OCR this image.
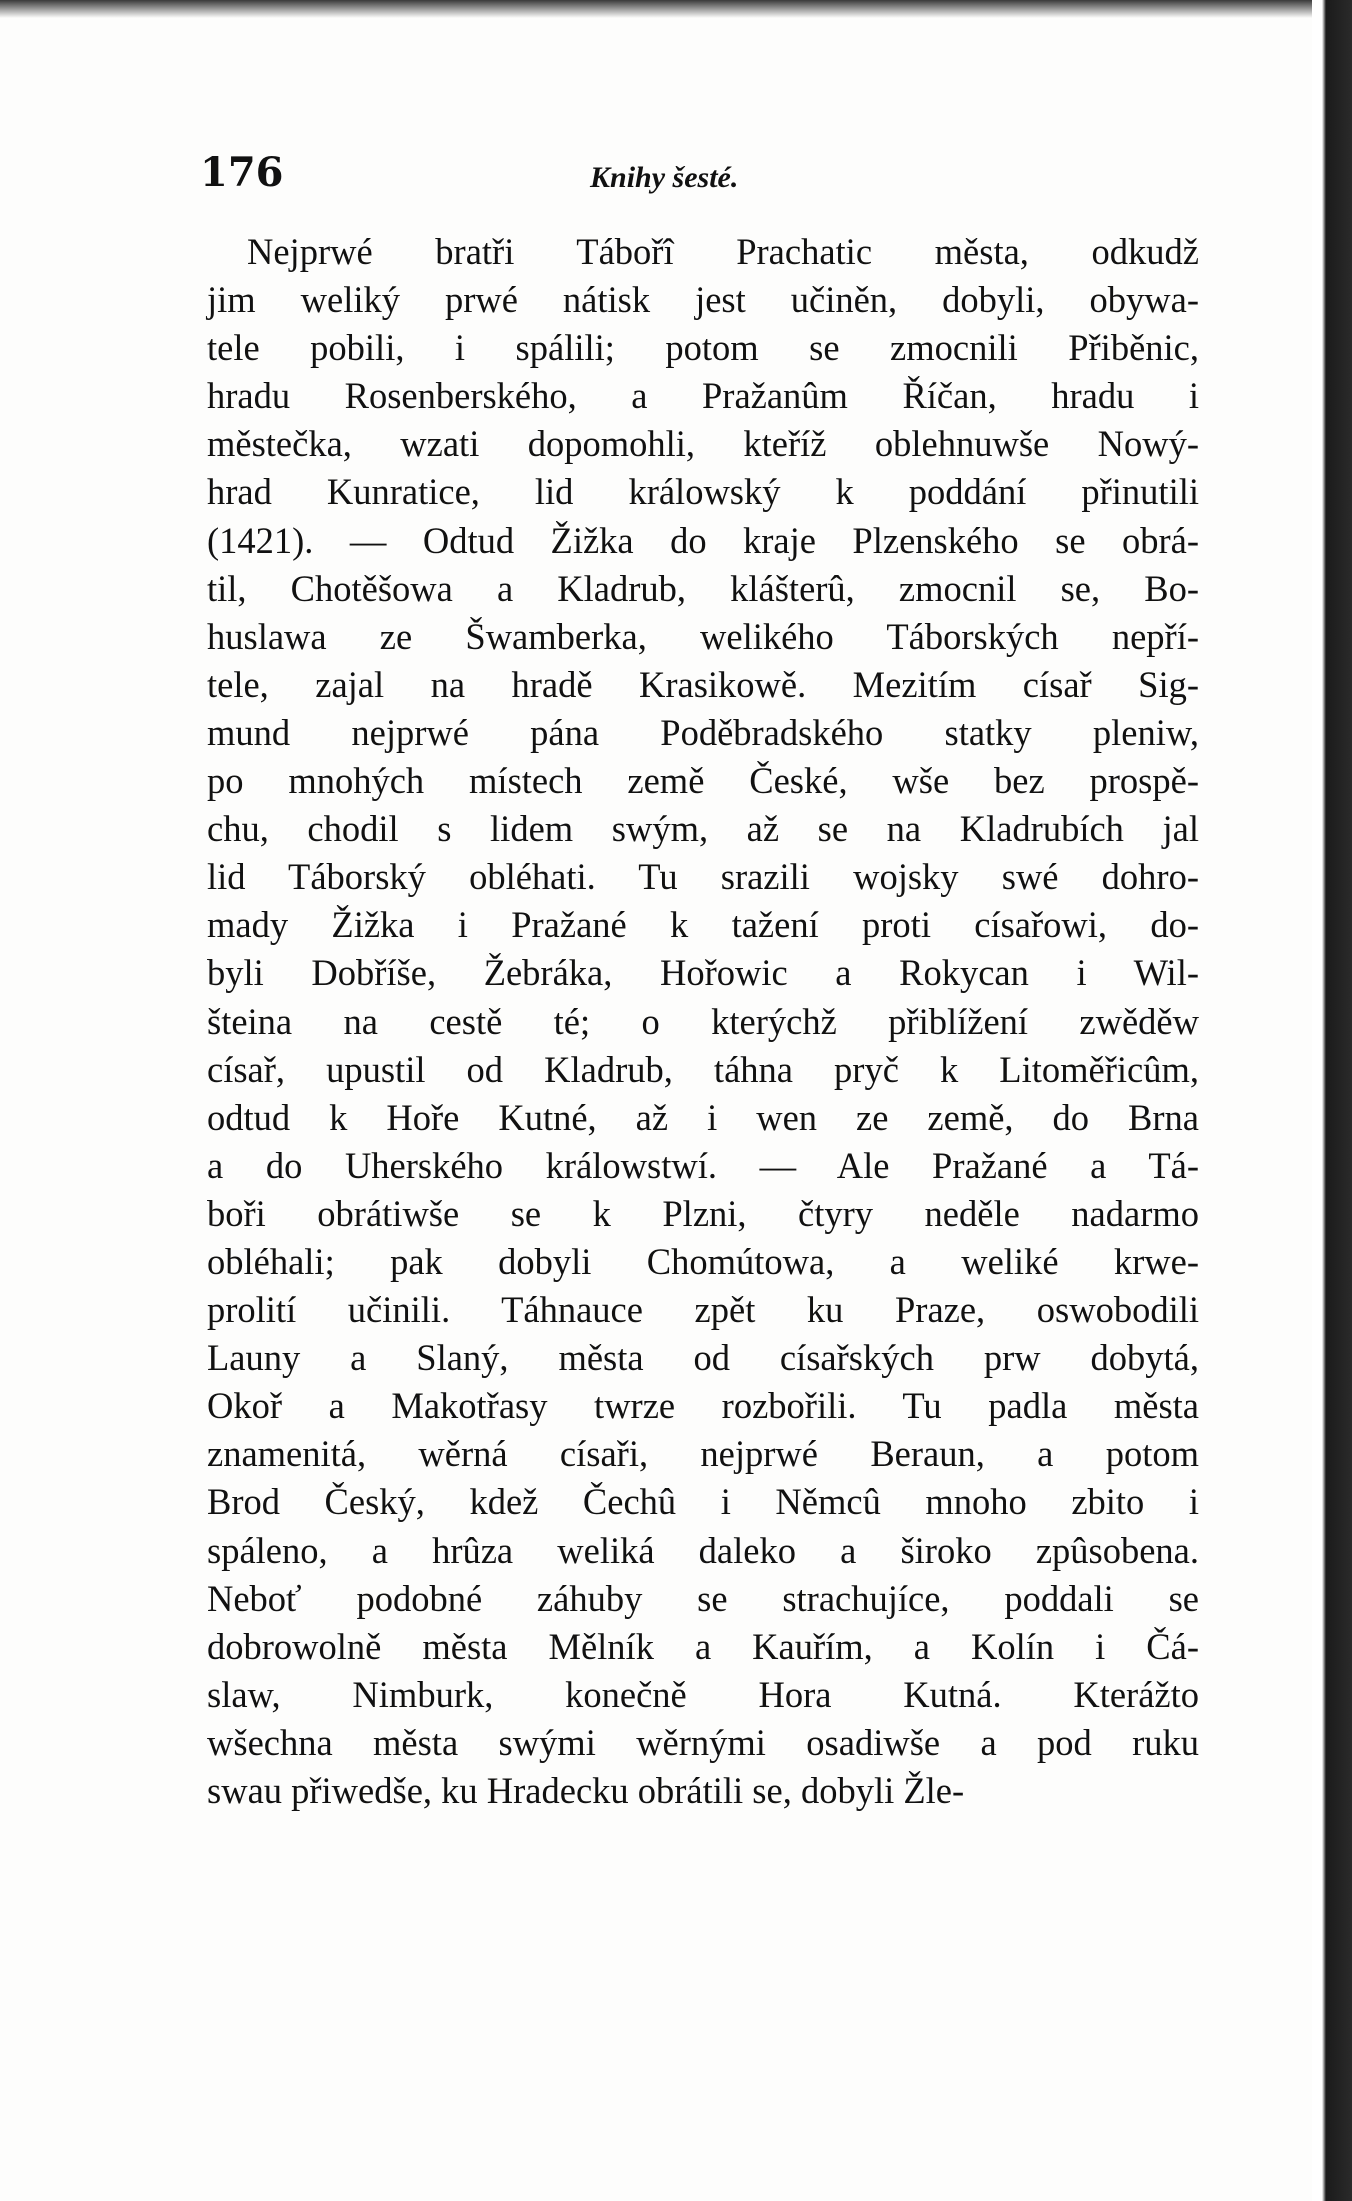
176	Knihy šesté.
Nejprwé bratři Tábořî Prachatic města, odkudž
jim weliký prwé nátisk jest učiněn, dobyli, obywa-
tele pobili, i spálili; potom se zmocnili Přiběnic,
hradu Rosenberského, a Pražanûm Říčan, hradu i
městečka, wzati dopomohli, kteříž oblehnuwše Nowý-
hrad Kunratice, lid králowský k poddání přinutili
(1421). — Odtud Žižka do kraje Plzenského se obrá-
til, Chotěšowa a Kladrub, klášterû, zmocnil se, Bo-
huslawa ze Šwamberka, welikého Táborských nepří-
tele, zajal na hradě Krasikowě. Mezitím císař Sig-
mund nejprwé pána Poděbradského statky pleniw,
po mnohých místech země České, wše bez prospě-
chu, chodil s lidem swým, až se na Kladrubích jal
lid Táborský obléhati. Tu srazili wojsky swé dohro-
mady Žižka i Pražané k tažení proti císařowi, do-
byli Dobříše, Žebráka, Hořowic a Rokycan i Wil-
šteina na cestě té; o kterýchž přiblížení zwěděw
císař, upustil od Kladrub, táhna pryč k Litoměřicûm,
odtud k Hoře Kutné, až i wen ze země, do Brna
a do Uherského králowstwí. — Ale Pražané a Tá-
boři obrátiwše se k Plzni, čtyry neděle nadarmo
obléhali; pak dobyli Chomútowa, a weliké krwe-
prolití učinili. Táhnauce zpět ku Praze, oswobodili
Launy a Slaný, města od císařských prw dobytá,
Okoř a Makotřasy twrze rozbořili. Tu padla města
znamenitá, wěrná císaři, nejprwé Beraun, a potom
Brod Český, kdež Čechû i Němcû mnoho zbito i
spáleno, a hrûza weliká daleko a široko zpûsobena.
Neboť podobné záhuby se strachujíce, poddali se
dobrowolně města Mělník a Kauřím, a Kolín i Čá-
slaw, Nimburk, konečně Hora Kutná. Kterážto
wšechna města swými wěrnými osadiwše a pod ruku
swau přiwedše, ku Hradecku obrátili se, dobyli Žle-
